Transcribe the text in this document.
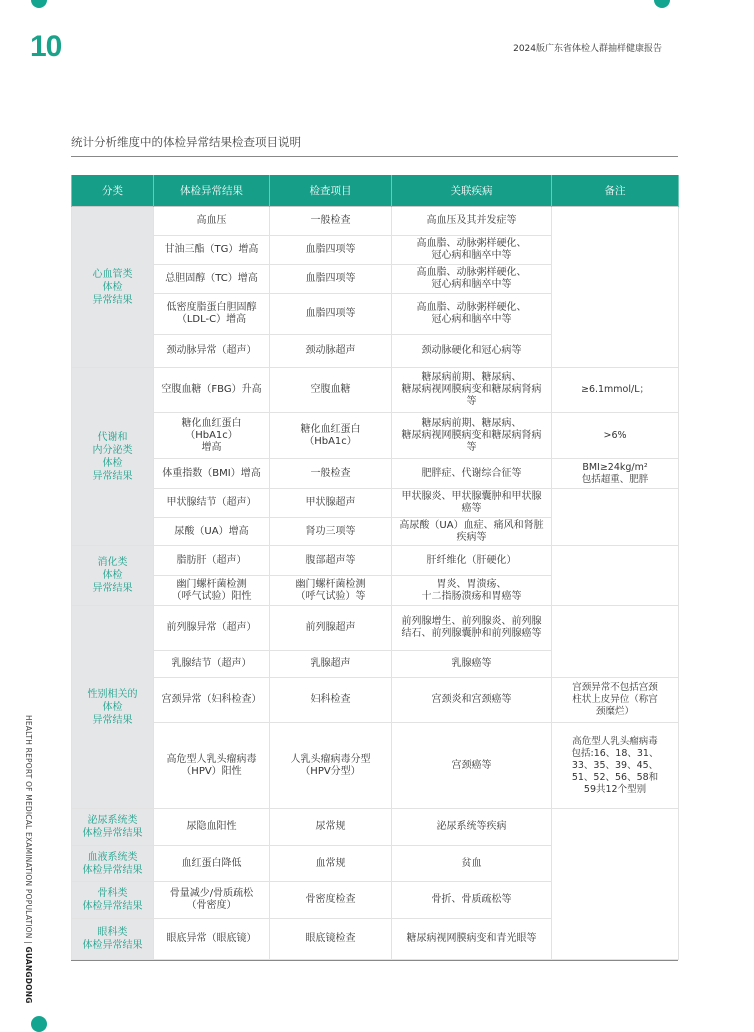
10	2024版广东省体检人群抽样健康报告
统计分析维度中的体检异常结果检查项目说明
HEALTH REPORT OF MEDICAL EXAMINATION POPULATION | GUANGDONG
分类	体检异常结果	检查项目	关联疾病	备注
心血管类
体检
异常结果	高血压	一般检查	高血压及其并发症等	
	甘油三酯（TG）增高	血脂四项等	高血脂、动脉粥样硬化、
冠心病和脑卒中等	
	总胆固醇（TC）增高	血脂四项等	高血脂、动脉粥样硬化、
冠心病和脑卒中等	
	低密度脂蛋白胆固醇
（LDL-C）增高	血脂四项等	高血脂、动脉粥样硬化、
冠心病和脑卒中等	
	颈动脉异常（超声）	颈动脉超声	颈动脉硬化和冠心病等	
代谢和
内分泌类
体检
异常结果	空腹血糖（FBG）升高	空腹血糖	糖尿病前期、糖尿病、
糖尿病视网膜病变和糖尿病肾病
等	≥6.1mmol/L；
	糖化血红蛋白（HbA1c）
增高	糖化血红蛋白
（HbA1c）	糖尿病前期、糖尿病、
糖尿病视网膜病变和糖尿病肾病
等	>6%
	体重指数（BMI）增高	一般检查	肥胖症、代谢综合征等	BMI≥24kg/m²
包括超重、肥胖
	甲状腺结节（超声）	甲状腺超声	甲状腺炎、甲状腺囊肿和甲状腺
癌等	
	尿酸（UA）增高	肾功三项等	高尿酸（UA）血症、痛风和肾脏
疾病等	
消化类
体检
异常结果	脂肪肝（超声）	腹部超声等	肝纤维化（肝硬化）	
	幽门螺杆菌检测
（呼气试验）阳性	幽门螺杆菌检测
（呼气试验）等	胃炎、胃溃疡、
十二指肠溃疡和胃癌等	
性别相关的
体检
异常结果	前列腺异常（超声）	前列腺超声	前列腺增生、前列腺炎、前列腺
结石、前列腺囊肿和前列腺癌等	
	乳腺结节（超声）	乳腺超声	乳腺癌等	
	宫颈异常（妇科检查）	妇科检查	宫颈炎和宫颈癌等	宫颈异常不包括宫颈
柱状上皮异位（称宫
颈糜烂）
	高危型人乳头瘤病毒
（HPV）阳性	人乳头瘤病毒分型
（HPV分型）	宫颈癌等	高危型人乳头瘤病毒
包括:16、18、31、
33、35、39、45、
51、52、56、58和
59共12个型别
泌尿系统类
体检异常结果	尿隐血阳性	尿常规	泌尿系统等疾病	
血液系统类
体检异常结果	血红蛋白降低	血常规	贫血	
骨科类
体检异常结果	骨量减少/骨质疏松
（骨密度）	骨密度检查	骨折、骨质疏松等	
眼科类
体检异常结果	眼底异常（眼底镜）	眼底镜检查	糖尿病视网膜病变和青光眼等	
